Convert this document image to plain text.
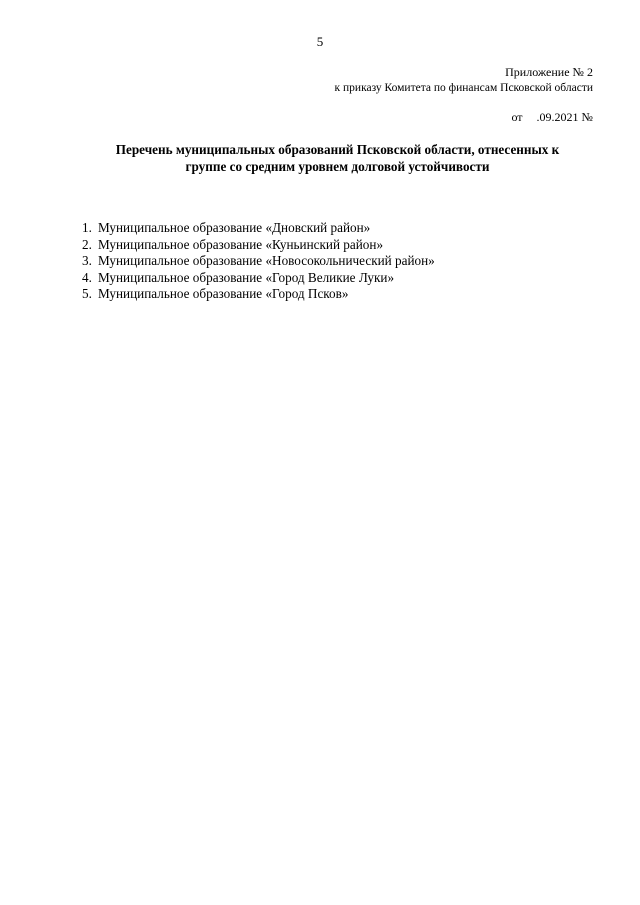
5
Приложение № 2
к приказу Комитета по финансам Псковской области
от .09.2021 №
Перечень муниципальных образований Псковской области, отнесенных к
группе со средним уровнем долговой устойчивости
1. Муниципальное образование «Дновский район»
2. Муниципальное образование «Куньинский район»
3. Муниципальное образование «Новосокольнический район»
4. Муниципальное образование «Город Великие Луки»
5. Муниципальное образование «Город Псков»
